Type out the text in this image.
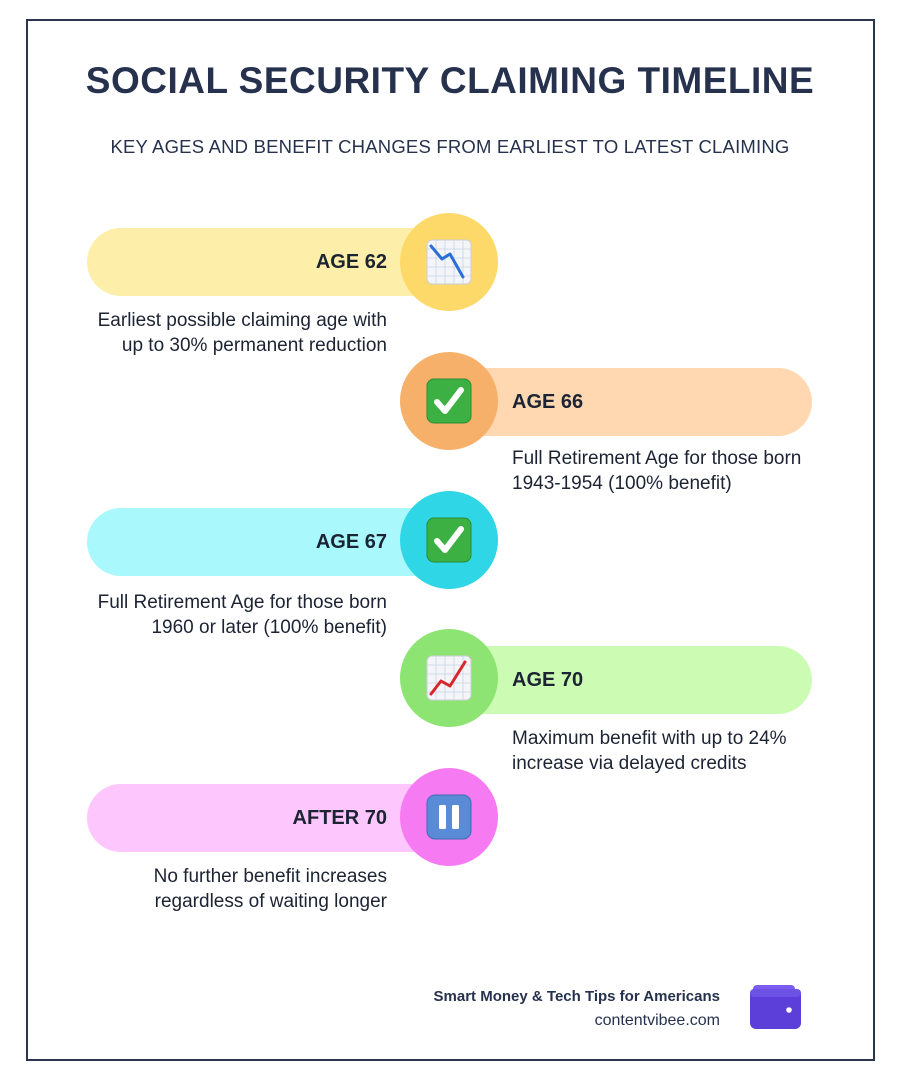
SOCIAL SECURITY CLAIMING TIMELINE
KEY AGES AND BENEFIT CHANGES FROM EARLIEST TO LATEST CLAIMING
AGE 62
Earliest possible claiming age with up to 30% permanent reduction
AGE 66
Full Retirement Age for those born 1943-1954 (100% benefit)
AGE 67
Full Retirement Age for those born 1960 or later (100% benefit)
AGE 70
Maximum benefit with up to 24% increase via delayed credits
AFTER 70
No further benefit increases regardless of waiting longer
Smart Money & Tech Tips for Americans
contentvibee.com
